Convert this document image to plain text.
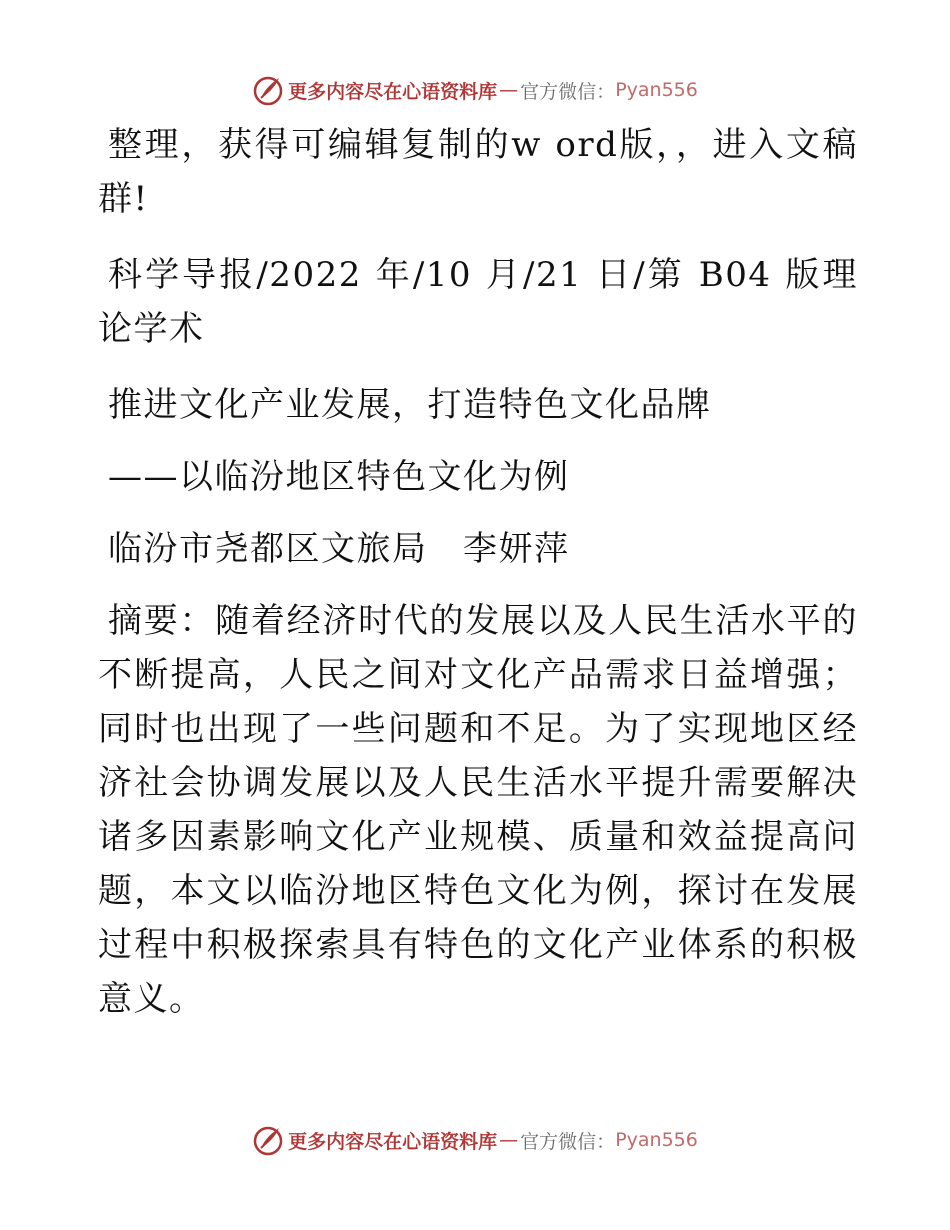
更多内容尽在心语资料库 — 官方微信： Pyan556

整理，获得可编辑复制的w ord版，，进入文稿群!

科学导报/2022 年/10 月/21 日/第 B04 版理论学术

推进文化产业发展，打造特色文化品牌

——以临汾地区特色文化为例

临汾市尧都区文旅局　李妍萍

摘要：随着经济时代的发展以及人民生活水平的不断提高，人民之间对文化产品需求日益增强；同时也出现了一些问题和不足。为了实现地区经济社会协调发展以及人民生活水平提升需要解决诸多因素影响文化产业规模、质量和效益提高问题，本文以临汾地区特色文化为例，探讨在发展过程中积极探索具有特色的文化产业体系的积极意义。

更多内容尽在心语资料库 — 官方微信： Pyan556
